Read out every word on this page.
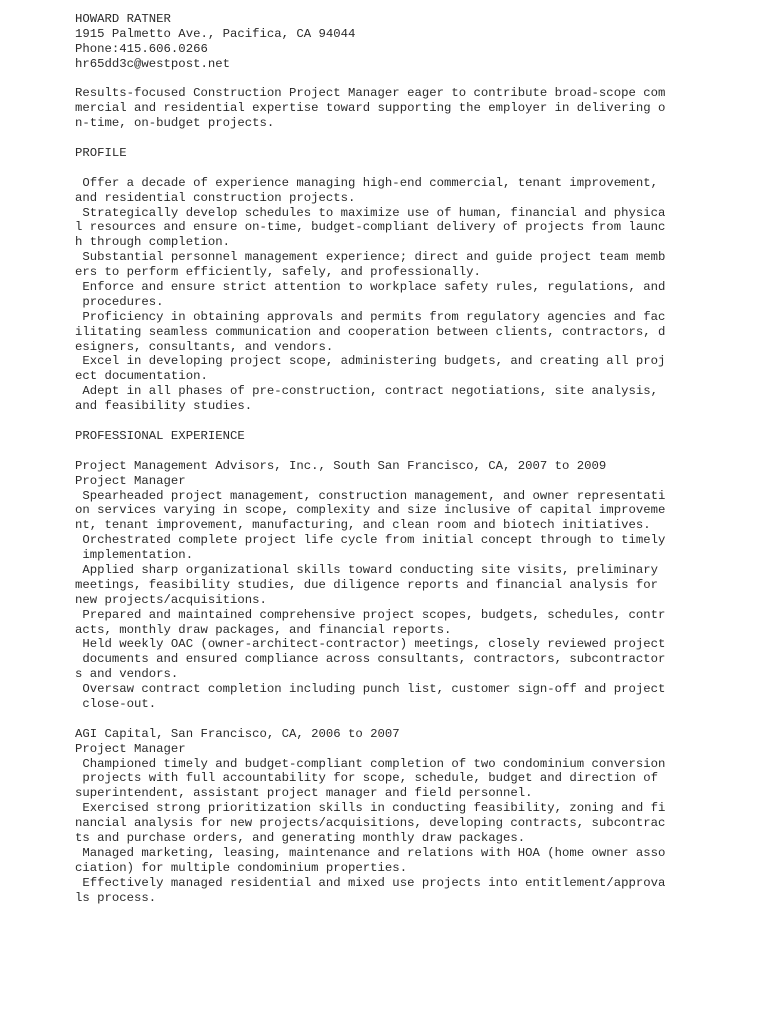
HOWARD RATNER
1915 Palmetto Ave., Pacifica, CA 94044
Phone:415.606.0266
hr65dd3c@westpost.net
Results-focused Construction Project Manager eager to contribute broad-scope com
mercial and residential expertise toward supporting the employer in delivering o
n-time, on-budget projects.
PROFILE
Offer a decade of experience managing high-end commercial, tenant improvement,
and residential construction projects.
Strategically develop schedules to maximize use of human, financial and physica
l resources and ensure on-time, budget-compliant delivery of projects from launc
h through completion.
Substantial personnel management experience; direct and guide project team memb
ers to perform efficiently, safely, and professionally.
Enforce and ensure strict attention to workplace safety rules, regulations, and
procedures.
Proficiency in obtaining approvals and permits from regulatory agencies and fac
ilitating seamless communication and cooperation between clients, contractors, d
esigners, consultants, and vendors.
Excel in developing project scope, administering budgets, and creating all proj
ect documentation.
Adept in all phases of pre-construction, contract negotiations, site analysis,
and feasibility studies.
PROFESSIONAL EXPERIENCE
Project Management Advisors, Inc., South San Francisco, CA, 2007 to 2009
Project Manager
Spearheaded project management, construction management, and owner representati
on services varying in scope, complexity and size inclusive of capital improveme
nt, tenant improvement, manufacturing, and clean room and biotech initiatives.
Orchestrated complete project life cycle from initial concept through to timely
implementation.
Applied sharp organizational skills toward conducting site visits, preliminary
meetings, feasibility studies, due diligence reports and financial analysis for
new projects/acquisitions.
Prepared and maintained comprehensive project scopes, budgets, schedules, contr
acts, monthly draw packages, and financial reports.
Held weekly OAC (owner-architect-contractor) meetings, closely reviewed project
documents and ensured compliance across consultants, contractors, subcontractor
s and vendors.
Oversaw contract completion including punch list, customer sign-off and project
close-out.
AGI Capital, San Francisco, CA, 2006 to 2007
Project Manager
Championed timely and budget-compliant completion of two condominium conversion
projects with full accountability for scope, schedule, budget and direction of
superintendent, assistant project manager and field personnel.
Exercised strong prioritization skills in conducting feasibility, zoning and fi
nancial analysis for new projects/acquisitions, developing contracts, subcontrac
ts and purchase orders, and generating monthly draw packages.
Managed marketing, leasing, maintenance and relations with HOA (home owner asso
ciation) for multiple condominium properties.
Effectively managed residential and mixed use projects into entitlement/approva
ls process.
